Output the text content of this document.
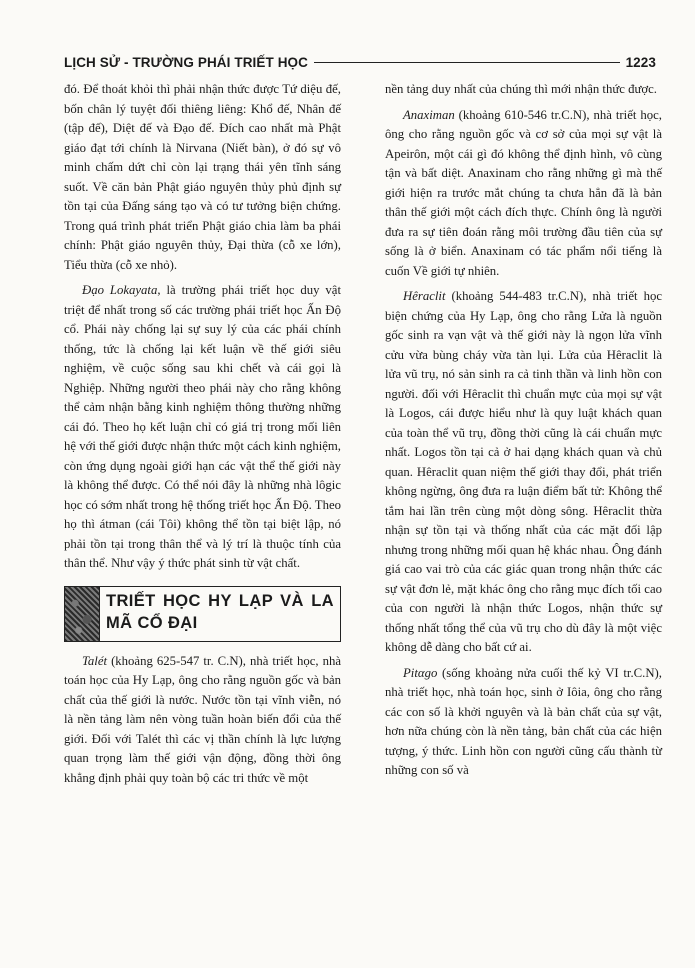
LỊCH SỬ - TRƯỜNG PHÁI TRIẾT HỌC	1223

đó. Để thoát khỏi thì phải nhận thức được Tứ diệu đế, bốn chân lý tuyệt đối thiêng liêng: Khổ đế, Nhân đế (tập đế), Diệt đế và Đạo đế. Đích cao nhất mà Phật giáo đạt tới chính là Nirvana (Niết bàn), ở đó sự vô minh chấm dứt chỉ còn lại trạng thái yên tĩnh sáng suốt. Về căn bản Phật giáo nguyên thủy phủ định sự tồn tại của Đấng sáng tạo và có tư tưởng biện chứng. Trong quá trình phát triển Phật giáo chia làm ba phái chính: Phật giáo nguyên thủy, Đại thừa (cỗ xe lớn), Tiểu thừa (cỗ xe nhỏ).

Đạo Lokayata, là trường phái triết học duy vật triệt để nhất trong số các trường phái triết học Ấn Độ cổ. Phái này chống lại sự suy lý của các phái chính thống, tức là chống lại kết luận về thế giới siêu nghiệm, về cuộc sống sau khi chết và cái gọi là Nghiệp. Những người theo phái này cho rằng không thể cảm nhận bằng kinh nghiệm thông thường những cái đó. Theo họ kết luận chỉ có giá trị trong mối liên hệ với thế giới được nhận thức một cách kinh nghiệm, còn ứng dụng ngoài giới hạn các vật thể thế giới này là không thể được. Có thể nói đây là những nhà lôgic học có sớm nhất trong hệ thống triết học Ấn Độ. Theo họ thì átman (cái Tôi) không thể tồn tại biệt lập, nó phải tồn tại trong thân thể và lý trí là thuộc tính của thân thể. Như vậy ý thức phát sinh từ vật chất.

TRIẾT HỌC HY LẠP VÀ LA MÃ CỔ ĐẠI

Talét (khoảng 625-547 tr. C.N), nhà triết học, nhà toán học của Hy Lạp, ông cho rằng nguồn gốc và bản chất của thế giới là nước. Nước tồn tại vĩnh viễn, nó là nền tảng làm nên vòng tuần hoàn biến đổi của thế giới. Đối với Talét thì các vị thần chính là lực lượng quan trọng làm thế giới vận động, đồng thời ông khẳng định phải quy toàn bộ các tri thức về một

nền tảng duy nhất của chúng thì mới nhận thức được.

Anaximan (khoảng 610-546 tr.C.N), nhà triết học, ông cho rằng nguồn gốc và cơ sở của mọi sự vật là Apeirôn, một cái gì đó không thể định hình, vô cùng tận và bất diệt. Anaxinam cho rằng những gì mà thế giới hiện ra trước mắt chúng ta chưa hẳn đã là bản thân thế giới một cách đích thực. Chính ông là người đưa ra sự tiên đoán rằng môi trường đầu tiên của sự sống là ở biển. Anaxinam có tác phẩm nổi tiếng là cuốn Về giới tự nhiên.

Hêraclit (khoảng 544-483 tr.C.N), nhà triết học biện chứng của Hy Lạp, ông cho rằng Lửa là nguồn gốc sinh ra vạn vật và thế giới này là ngọn lửa vĩnh cửu vừa bùng cháy vừa tàn lụi. Lửa của Hêraclit là lửa vũ trụ, nó sản sinh ra cả tinh thần và linh hồn con người. đối với Hêraclit thì chuẩn mực của mọi sự vật là Logos, cái được hiểu như là quy luật khách quan của toàn thể vũ trụ, đồng thời cũng là cái chuẩn mực nhất. Logos tồn tại cả ở hai dạng khách quan và chủ quan. Hêraclit quan niệm thế giới thay đổi, phát triển không ngừng, ông đưa ra luận điểm bất tử: Không thể tắm hai lần trên cùng một dòng sông. Hêraclit thừa nhận sự tồn tại và thống nhất của các mặt đối lập nhưng trong những mối quan hệ khác nhau. Ông đánh giá cao vai trò của các giác quan trong nhận thức các sự vật đơn lẻ, mặt khác ông cho rằng mục đích tối cao của con người là nhận thức Logos, nhận thức sự thống nhất tổng thể của vũ trụ cho dù đây là một việc không dễ dàng cho bất cứ ai.

Pitαgo (sống khoảng nửa cuối thế kỷ VI tr.C.N), nhà triết học, nhà toán học, sinh ở Iôia, ông cho rằng các con số là khởi nguyên và là bản chất của sự vật, hơn nữa chúng còn là nền tảng, bản chất của các hiện tượng, ý thức. Linh hồn con người cũng cấu thành từ những con số và
